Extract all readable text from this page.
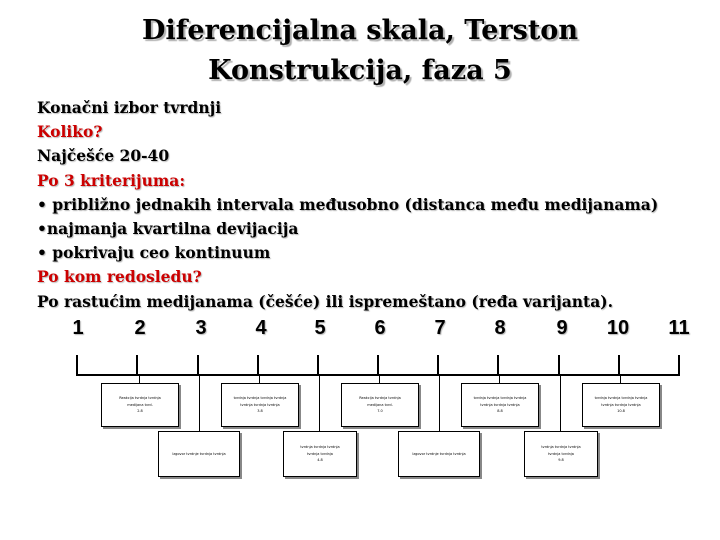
Diferencijalna skala, Terston
Konstrukcija, faza 5
Konačni izbor tvrdnji
Koliko?
Najčešće 20-40
Po 3 kriterijuma:
• približno jednakih intervala međusobno (distanca među medijanama)
•najmanja kvartilna devijacija
• pokrivaju ceo kontinuum
Po kom redosledu?
Po rastućim medijanama (češće) ili ispremeštano (ređa varijanta).
1	2	3	4	5	6	7	8	9	10	11
Reakcija tvrdnja tvrdnja
medijana tvrd.
2.8
tvrdnja tvrdnja tvrdnja tvrdnja
tvrdnja tvrdnja tvrdnja
3.8
Reakcija tvrdnja tvrdnja
medijana tvrd.
7.0
tvrdnja tvrdnja tvrdnja tvrdnja
tvrdnja tvrdnja tvrdnja
8.8
tvrdnja tvrdnja tvrdnja tvrdnja
tvrdnja tvrdnja tvrdnja
10.8
Izgovor tvrdnje tvrdnja tvrdnja
tvrdnja tvrdnja tvrdnja
tvrdnja tvrdnja
4.8
Izgovor tvrdnje tvrdnja tvrdnja
tvrdnja tvrdnja tvrdnja
tvrdnja tvrdnja
9.8
